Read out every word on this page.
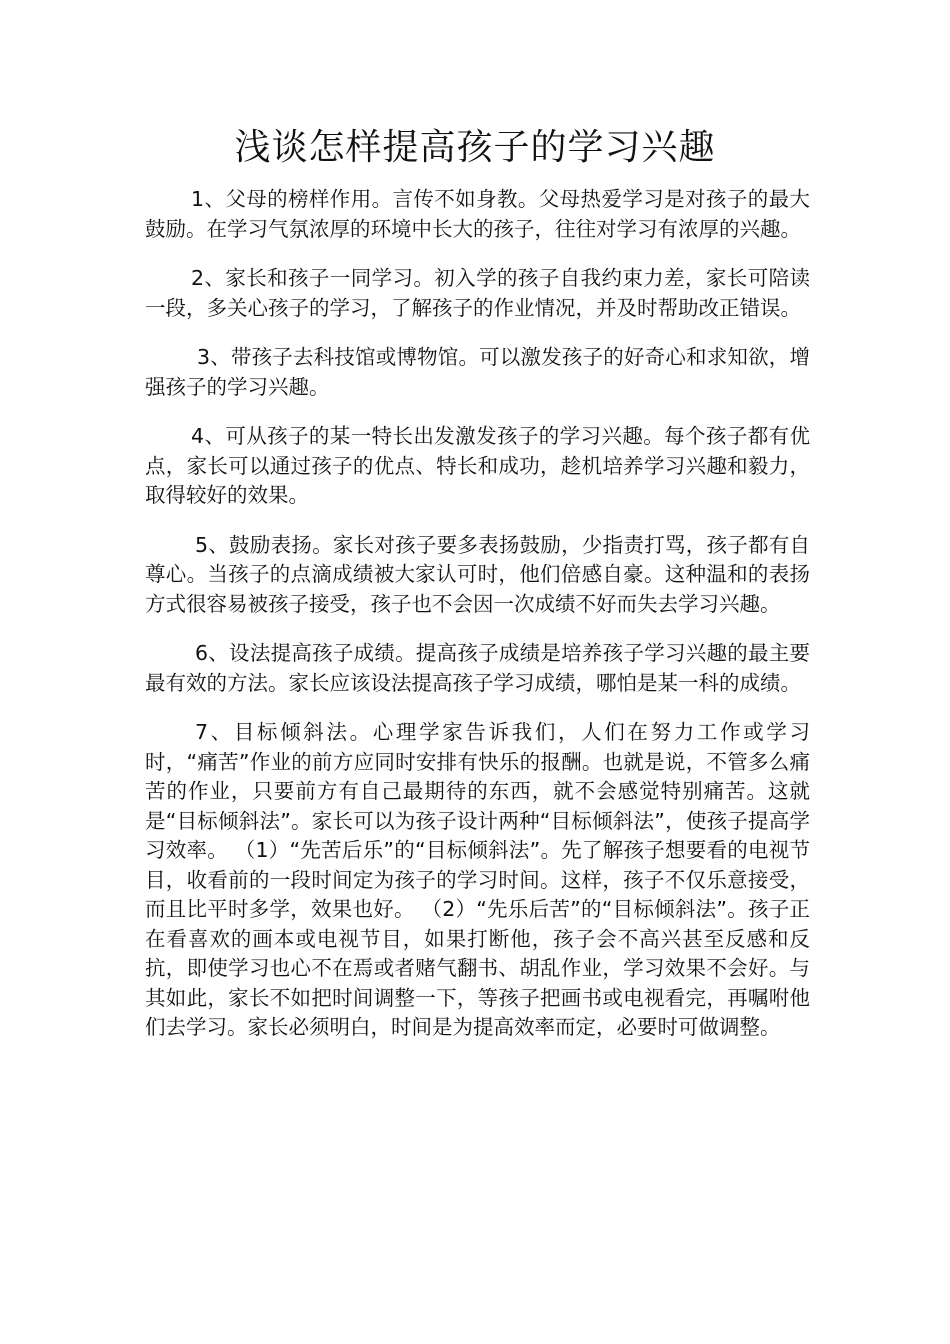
浅谈怎样提高孩子的学习兴趣

1、父母的榜样作用。言传不如身教。父母热爱学习是对孩子的最大鼓励。在学习气氛浓厚的环境中长大的孩子，往往对学习有浓厚的兴趣。

2、家长和孩子一同学习。初入学的孩子自我约束力差，家长可陪读一段，多关心孩子的学习，了解孩子的作业情况，并及时帮助改正错误。

3、带孩子去科技馆或博物馆。可以激发孩子的好奇心和求知欲，增强孩子的学习兴趣。

4、可从孩子的某一特长出发激发孩子的学习兴趣。每个孩子都有优点，家长可以通过孩子的优点、特长和成功，趁机培养学习兴趣和毅力，取得较好的效果。

5、鼓励表扬。家长对孩子要多表扬鼓励，少指责打骂，孩子都有自尊心。当孩子的点滴成绩被大家认可时，他们倍感自豪。这种温和的表扬方式很容易被孩子接受，孩子也不会因一次成绩不好而失去学习兴趣。

6、设法提高孩子成绩。提高孩子成绩是培养孩子学习兴趣的最主要最有效的方法。家长应该设法提高孩子学习成绩，哪怕是某一科的成绩。

7、目标倾斜法。心理学家告诉我们，人们在努力工作或学习时，“痛苦”作业的前方应同时安排有快乐的报酬。也就是说，不管多么痛苦的作业，只要前方有自己最期待的东西，就不会感觉特别痛苦。这就是“目标倾斜法”。家长可以为孩子设计两种“目标倾斜法”，使孩子提高学习效率。 （1）“先苦后乐”的“目标倾斜法”。先了解孩子想要看的电视节目，收看前的一段时间定为孩子的学习时间。这样，孩子不仅乐意接受，而且比平时多学，效果也好。 （2）“先乐后苦”的“目标倾斜法”。孩子正在看喜欢的画本或电视节目，如果打断他，孩子会不高兴甚至反感和反抗，即使学习也心不在焉或者赌气翻书、胡乱作业，学习效果不会好。与其如此，家长不如把时间调整一下，等孩子把画书或电视看完，再嘱咐他们去学习。家长必须明白，时间是为提高效率而定，必要时可做调整。
